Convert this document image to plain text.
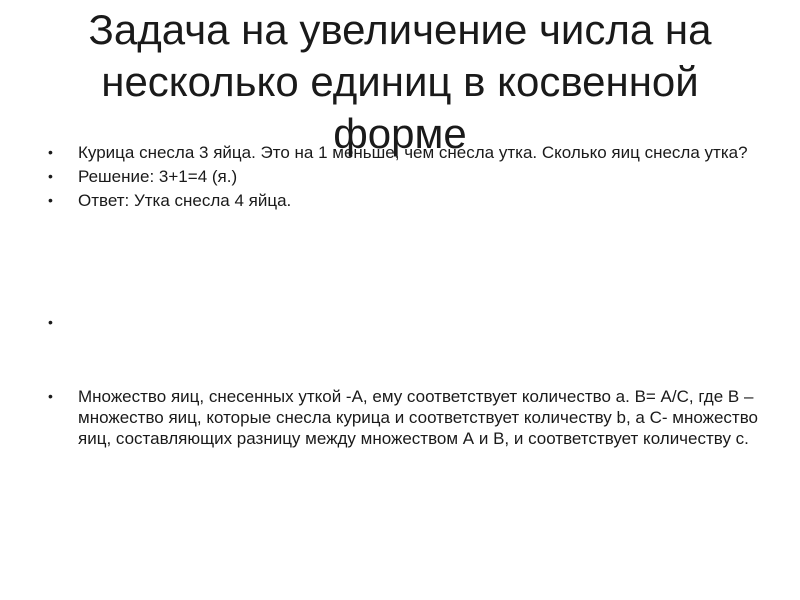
Задача на увеличение числа на
несколько единиц в косвенной
форме
• Курица снесла 3 яйца. Это на 1 меньше, чем снесла утка. Сколько яиц снесла утка?
• Решение: 3+1=4 (я.)
• Ответ: Утка снесла 4 яйца.
•
• Множество яиц, снесенных уткой -А, ему соответствует количество а. В= А/С, где В – множество яиц, которые снесла курица и соответствует количеству b, а С- множество яиц, составляющих разницу между множеством А и В, и соответствует количеству с.
